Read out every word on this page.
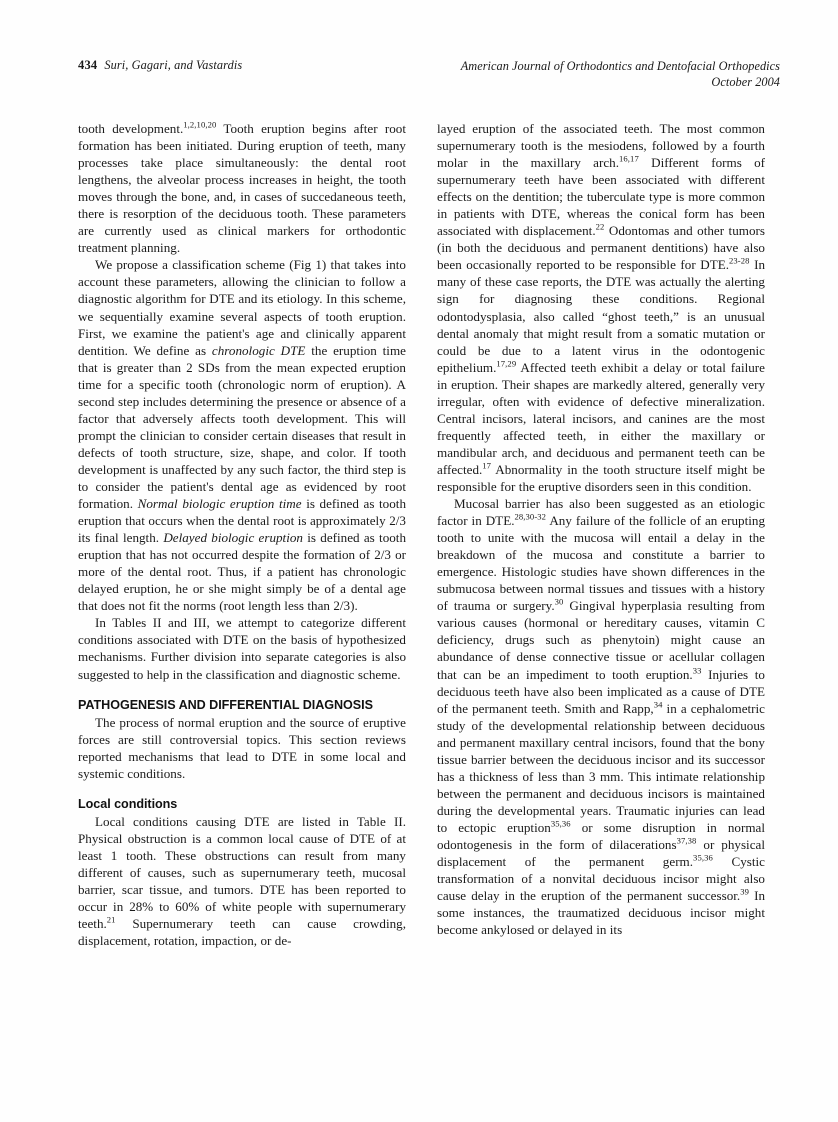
434 Suri, Gagari, and Vastardis	American Journal of Orthodontics and Dentofacial Orthopedics
October 2004

tooth development.$^{1,2,10,20}$ Tooth eruption begins after root formation has been initiated. During eruption of teeth, many processes take place simultaneously: the dental root lengthens, the alveolar process increases in height, the tooth moves through the bone, and, in cases of succedaneous teeth, there is resorption of the deciduous tooth. These parameters are currently used as clinical markers for orthodontic treatment planning.

We propose a classification scheme (Fig 1) that takes into account these parameters, allowing the clinician to follow a diagnostic algorithm for DTE and its etiology. In this scheme, we sequentially examine several aspects of tooth eruption. First, we examine the patient's age and clinically apparent dentition. We define as chronologic DTE the eruption time that is greater than 2 SDs from the mean expected eruption time for a specific tooth (chronologic norm of eruption). A second step includes determining the presence or absence of a factor that adversely affects tooth development. This will prompt the clinician to consider certain diseases that result in defects of tooth structure, size, shape, and color. If tooth development is unaffected by any such factor, the third step is to consider the patient's dental age as evidenced by root formation. Normal biologic eruption time is defined as tooth eruption that occurs when the dental root is approximately 2/3 its final length. Delayed biologic eruption is defined as tooth eruption that has not occurred despite the formation of 2/3 or more of the dental root. Thus, if a patient has chronologic delayed eruption, he or she might simply be of a dental age that does not fit the norms (root length less than 2/3).

In Tables II and III, we attempt to categorize different conditions associated with DTE on the basis of hypothesized mechanisms. Further division into separate categories is also suggested to help in the classification and diagnostic scheme.

PATHOGENESIS AND DIFFERENTIAL DIAGNOSIS

The process of normal eruption and the source of eruptive forces are still controversial topics. This section reviews reported mechanisms that lead to DTE in some local and systemic conditions.

Local conditions

Local conditions causing DTE are listed in Table II. Physical obstruction is a common local cause of DTE of at least 1 tooth. These obstructions can result from many different of causes, such as supernumerary teeth, mucosal barrier, scar tissue, and tumors. DTE has been reported to occur in 28% to 60% of white people with supernumerary teeth.$^{21}$ Supernumerary teeth can cause crowding, displacement, rotation, impaction, or de-

layed eruption of the associated teeth. The most common supernumerary tooth is the mesiodens, followed by a fourth molar in the maxillary arch.$^{16,17}$ Different forms of supernumerary teeth have been associated with different effects on the dentition; the tuberculate type is more common in patients with DTE, whereas the conical form has been associated with displacement.$^{22}$ Odontomas and other tumors (in both the deciduous and permanent dentitions) have also been occasionally reported to be responsible for DTE.$^{23-28}$ In many of these case reports, the DTE was actually the alerting sign for diagnosing these conditions. Regional odontodysplasia, also called “ghost teeth,” is an unusual dental anomaly that might result from a somatic mutation or could be due to a latent virus in the odontogenic epithelium.$^{17,29}$ Affected teeth exhibit a delay or total failure in eruption. Their shapes are markedly altered, generally very irregular, often with evidence of defective mineralization. Central incisors, lateral incisors, and canines are the most frequently affected teeth, in either the maxillary or mandibular arch, and deciduous and permanent teeth can be affected.$^{17}$ Abnormality in the tooth structure itself might be responsible for the eruptive disorders seen in this condition.

Mucosal barrier has also been suggested as an etiologic factor in DTE.$^{28,30-32}$ Any failure of the follicle of an erupting tooth to unite with the mucosa will entail a delay in the breakdown of the mucosa and constitute a barrier to emergence. Histologic studies have shown differences in the submucosa between normal tissues and tissues with a history of trauma or surgery.$^{30}$ Gingival hyperplasia resulting from various causes (hormonal or hereditary causes, vitamin C deficiency, drugs such as phenytoin) might cause an abundance of dense connective tissue or acellular collagen that can be an impediment to tooth eruption.$^{33}$ Injuries to deciduous teeth have also been implicated as a cause of DTE of the permanent teeth. Smith and Rapp,$^{34}$ in a cephalometric study of the developmental relationship between deciduous and permanent maxillary central incisors, found that the bony tissue barrier between the deciduous incisor and its successor has a thickness of less than 3 mm. This intimate relationship between the permanent and deciduous incisors is maintained during the developmental years. Traumatic injuries can lead to ectopic eruption$^{35,36}$ or some disruption in normal odontogenesis in the form of dilacerations$^{37,38}$ or physical displacement of the permanent germ.$^{35,36}$ Cystic transformation of a nonvital deciduous incisor might also cause delay in the eruption of the permanent successor.$^{39}$ In some instances, the traumatized deciduous incisor might become ankylosed or delayed in its
